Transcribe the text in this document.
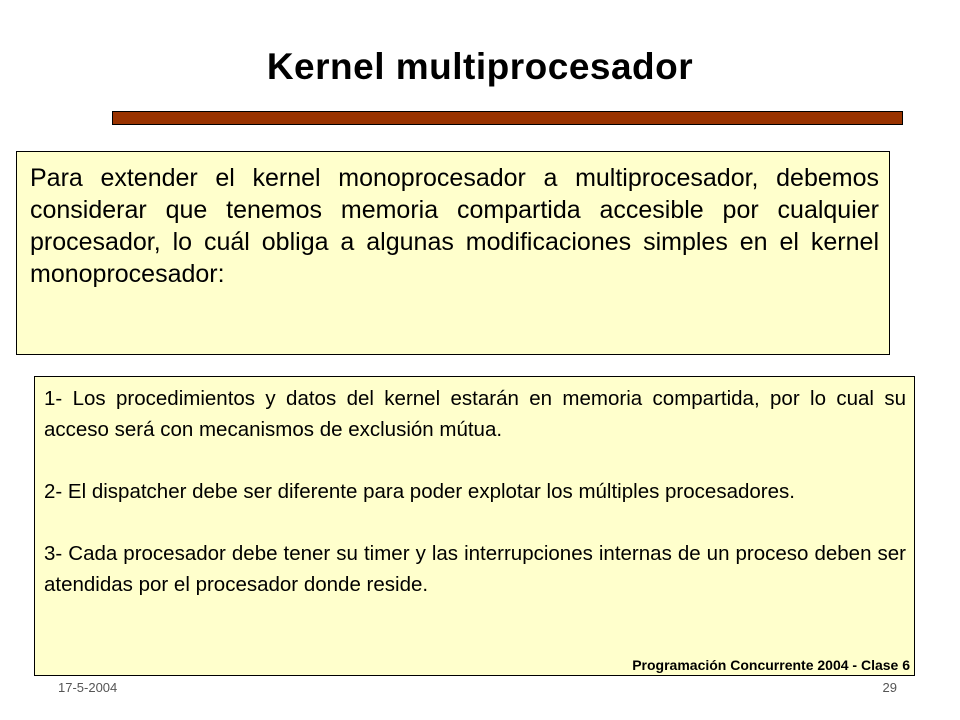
Kernel multiprocesador
Para extender el kernel monoprocesador a multiprocesador, debemos considerar que tenemos memoria compartida accesible por cualquier procesador, lo cuál obliga a algunas modificaciones simples en el kernel monoprocesador:

1- Los procedimientos y datos del kernel estarán en memoria compartida, por lo cual su acceso será con mecanismos de exclusión mútua.

2- El dispatcher debe ser diferente para poder explotar los múltiples procesadores.

3- Cada procesador debe tener su timer y las interrupciones internas de un proceso deben ser atendidas por el procesador donde reside.

Programación Concurrente 2004 - Clase 6
17-5-2004	29
